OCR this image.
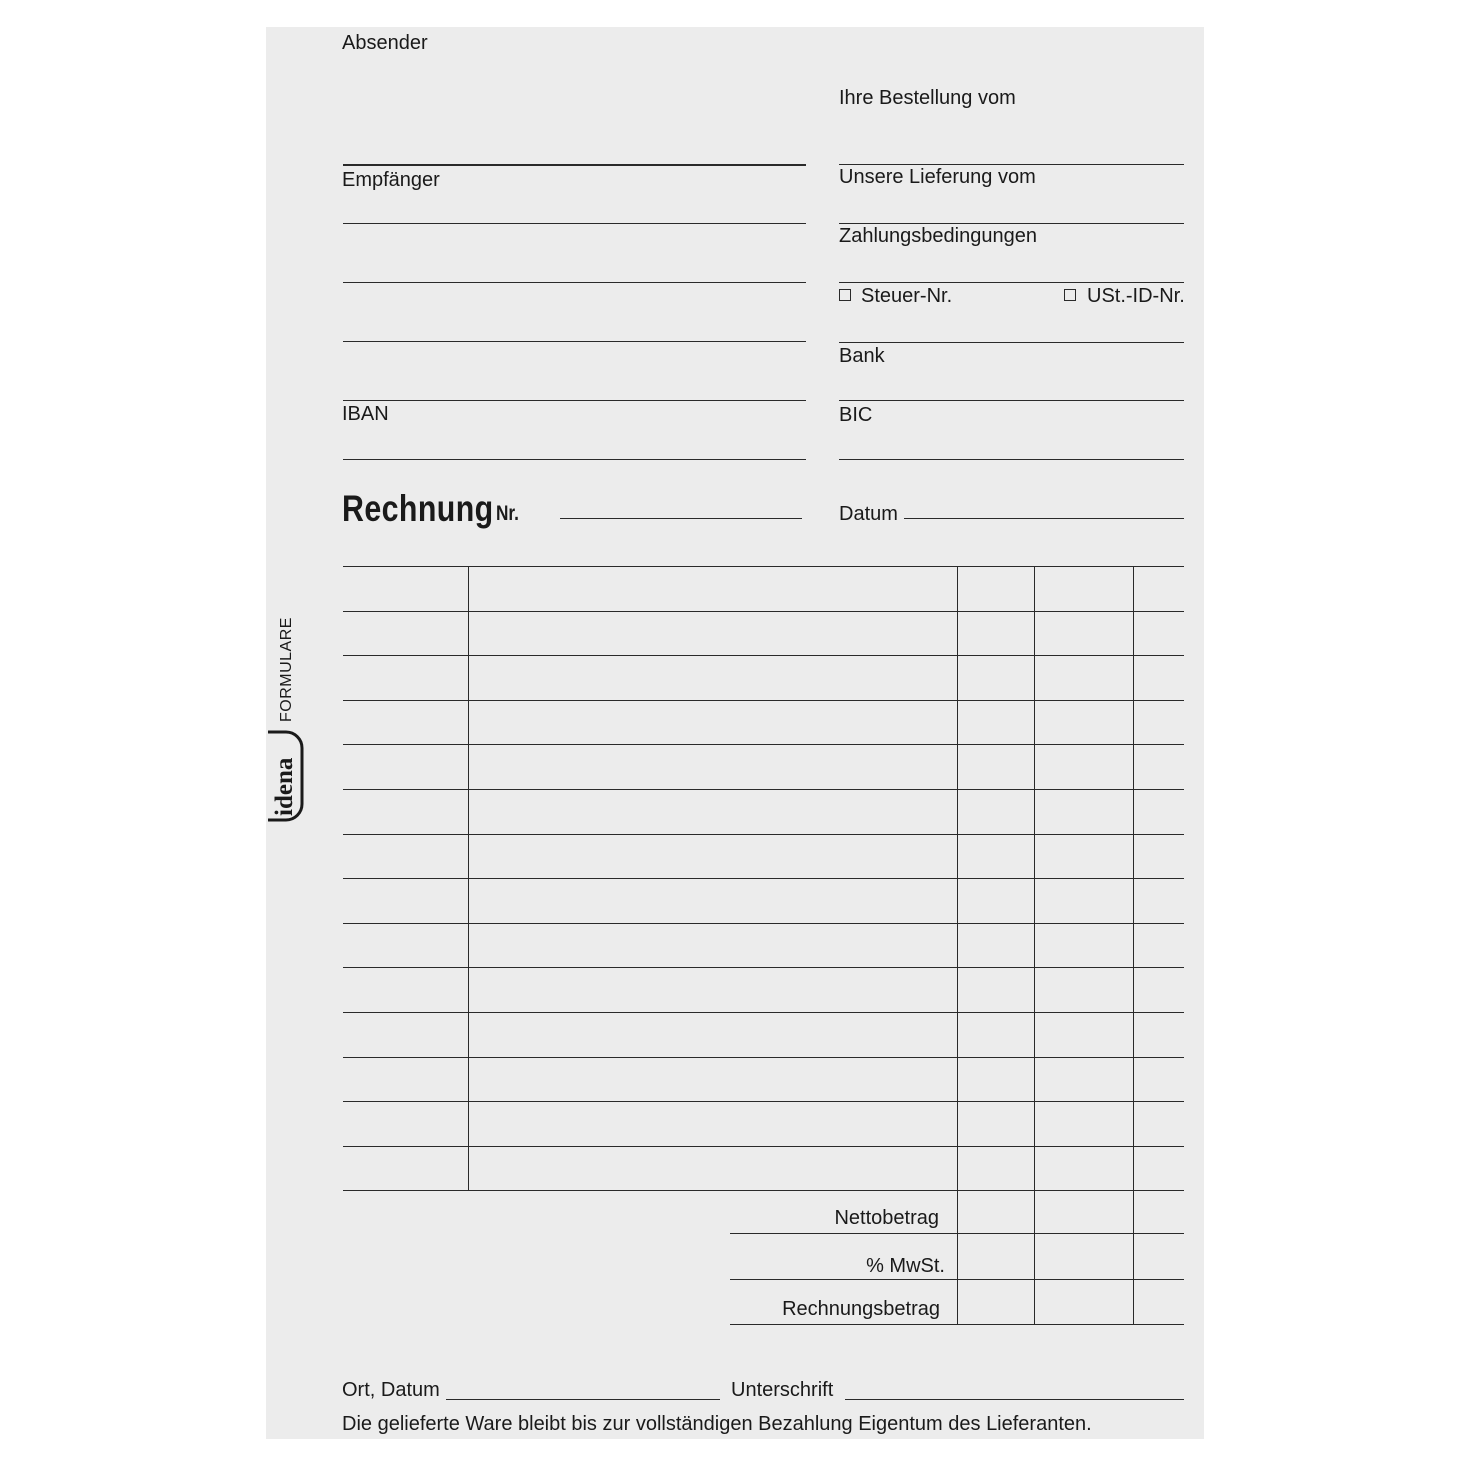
Absender
Empfänger
IBAN
Ihre Bestellung vom
Unsere Lieferung vom
Zahlungsbedingungen
Steuer-Nr.	USt.-ID-Nr.
Bank
BIC
Rechnung Nr.	Datum
Nettobetrag
% MwSt.
Rechnungsbetrag
Ort, Datum	Unterschrift
Die gelieferte Ware bleibt bis zur vollständigen Bezahlung Eigentum des Lieferanten.
FORMULARE
idena
